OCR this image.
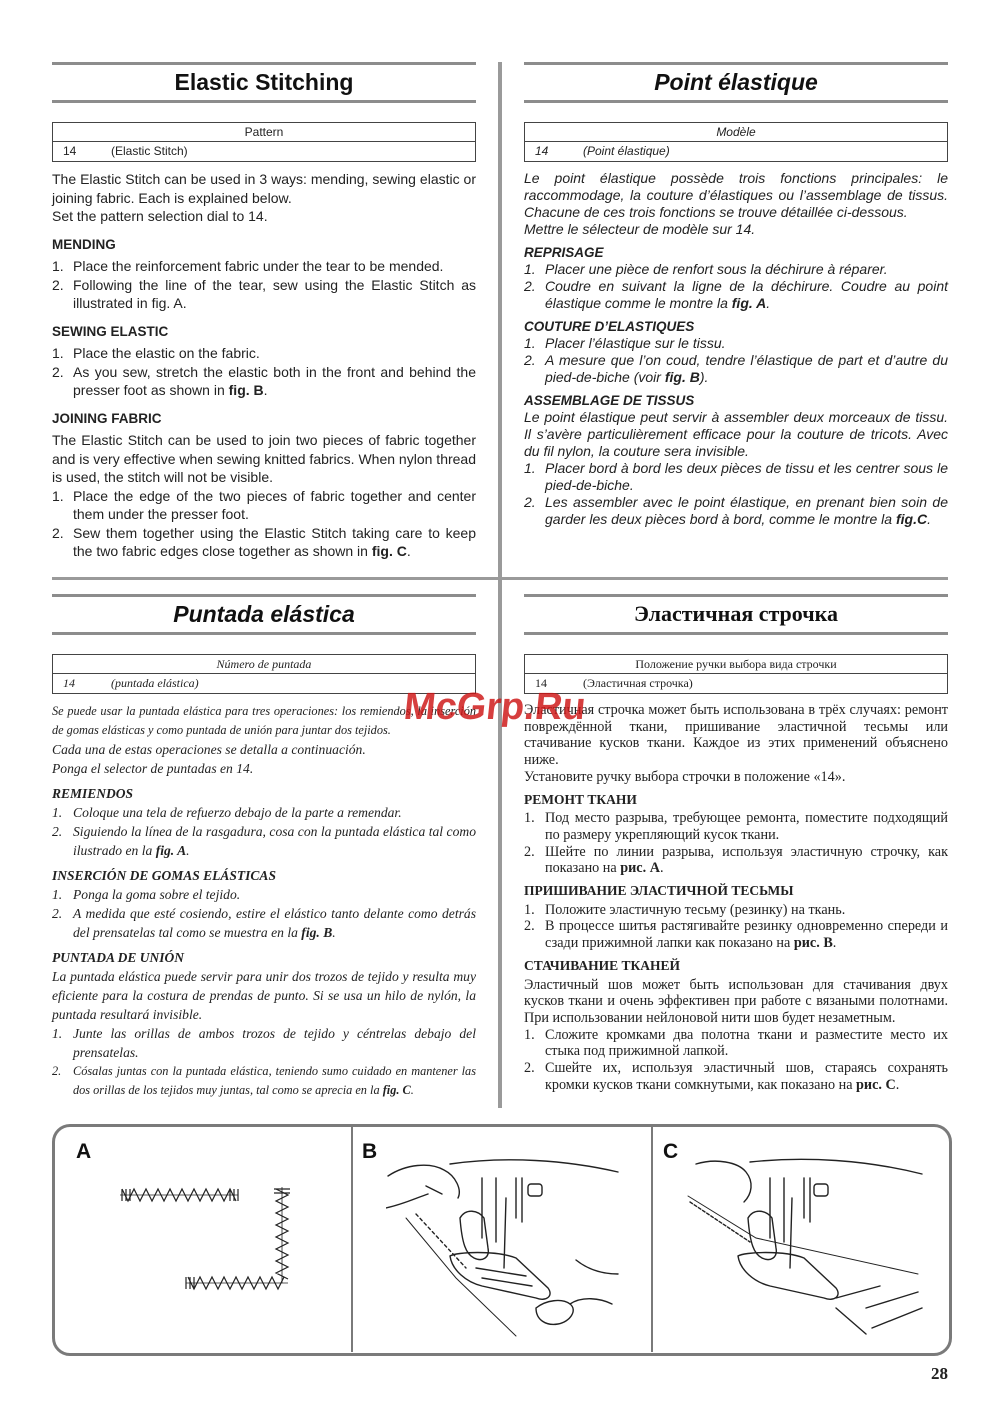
Elastic Stitching
Pattern
14	(Elastic Stitch)

The Elastic Stitch can be used in 3 ways: mending, sewing elastic or joining fabric. Each is explained below.

Set the pattern selection dial to 14.

MENDING
1. Place the reinforcement fabric under the tear to be mended.
2. Following the line of the tear, sew using the Elastic Stitch as illustrated in fig. A.
SEWING ELASTIC
1. Place the elastic on the fabric.
2. As you sew, stretch the elastic both in the front and behind the presser foot as shown in fig. B.
JOINING FABRIC

The Elastic Stitch can be used to join two pieces of fabric together and is very effective when sewing knitted fabrics. When nylon thread is used, the stitch will not be visible.

1. Place the edge of the two pieces of fabric together and center them under the presser foot.
2. Sew them together using the Elastic Stitch taking care to keep the two fabric edges close together as shown in fig. C.
Point élastique
Modèle
14	(Point élastique)

Le point élastique possède trois fonctions principales: le raccommodage, la couture d’élastiques ou l’assemblage de tissus. Chacune de ces trois fonctions se trouve détaillée ci-dessous.

Mettre le sélecteur de modèle sur 14.

REPRISAGE
1. Placer une pièce de renfort sous la déchirure à réparer.
2. Coudre en suivant la ligne de la déchirure. Coudre au point élastique comme le montre la fig. A.
COUTURE D’ELASTIQUES
1. Placer l’élastique sur le tissu.
2. A mesure que l’on coud, tendre l’élastique de part et d’autre du pied-de-biche (voir fig. B).
ASSEMBLAGE DE TISSUS

Le point élastique peut servir à assembler deux morceaux de tissu. Il s’avère particulièrement efficace pour la couture de tricots. Avec du fil nylon, la couture sera invisible.

1. Placer bord à bord les deux pièces de tissu et les centrer sous le pied-de-biche.
2. Les assembler avec le point élastique, en prenant bien soin de garder les deux pièces bord à bord, comme le montre la fig.C.
Puntada elástica
Número de puntada
14	(puntada elástica)

Se puede usar la puntada elástica para tres operaciones: los remiendos, la inserción de gomas elásticas y como puntada de unión para juntar dos tejidos.

Cada una de estas operaciones se detalla a continuación.

Ponga el selector de puntadas en 14.

REMIENDOS
1. Coloque una tela de refuerzo debajo de la parte a remendar.
2. Siguiendo la línea de la rasgadura, cosa con la puntada elástica tal como ilustrado en la fig. A.
INSERCIÓN DE GOMAS ELÁSTICAS
1. Ponga la goma sobre el tejido.
2. A medida que esté cosiendo, estire el elástico tanto delante como detrás del prensatelas tal como se muestra en la fig. B.
PUNTADA DE UNIÓN

La puntada elástica puede servir para unir dos trozos de tejido y resulta muy eficiente para la costura de prendas de punto. Si se usa un hilo de nylón, la puntada resultará invisible.

1. Junte las orillas de ambos trozos de tejido y céntrelas debajo del prensatelas.
2. Cósalas juntas con la puntada elástica, teniendo sumo cuidado en mantener las dos orillas de los tejidos muy juntas, tal como se aprecia en la fig. C.
Эластичная строчка
Положение ручки выбора вида строчки
14	(Эластичная строчка)

Эластичная строчка может быть использована в трёх случаях: ремонт повреждённой ткани, пришивание эластичной тесьмы или стачивание кусков ткани. Каждое из этих применений объяснено ниже.

Установите ручку выбора строчки в положение «14».

РЕМОНТ ТКАНИ
1. Под место разрыва, требующее ремонта, поместите подходящий по размеру укрепляющий кусок ткани.
2. Шейте по линии разрыва, используя эластичную строчку, как показано на рис. А.
ПРИШИВАНИЕ ЭЛАСТИЧНОЙ ТЕСЬМЫ
1. Положите эластичную тесьму (резинку) на ткань.
2. В процессе шитья растягивайте резинку одновременно спереди и сзади прижимной лапки как показано на рис. В.
СТАЧИВАНИЕ ТКАНЕЙ

Эластичный шов может быть использован для стачивания двух кусков ткани и очень эффективен при работе с вязаными полотнами. При использовании нейлоновой нити шов будет незаметным.

1. Сложите кромками два полотна ткани и разместите место их стыка под прижимной лапкой.
2. Сшейте их, используя эластичный шов, стараясь сохранять кромки кусков ткани сомкнутыми, как показано на рис. С.
McGrp.Ru
A	B	C
28
